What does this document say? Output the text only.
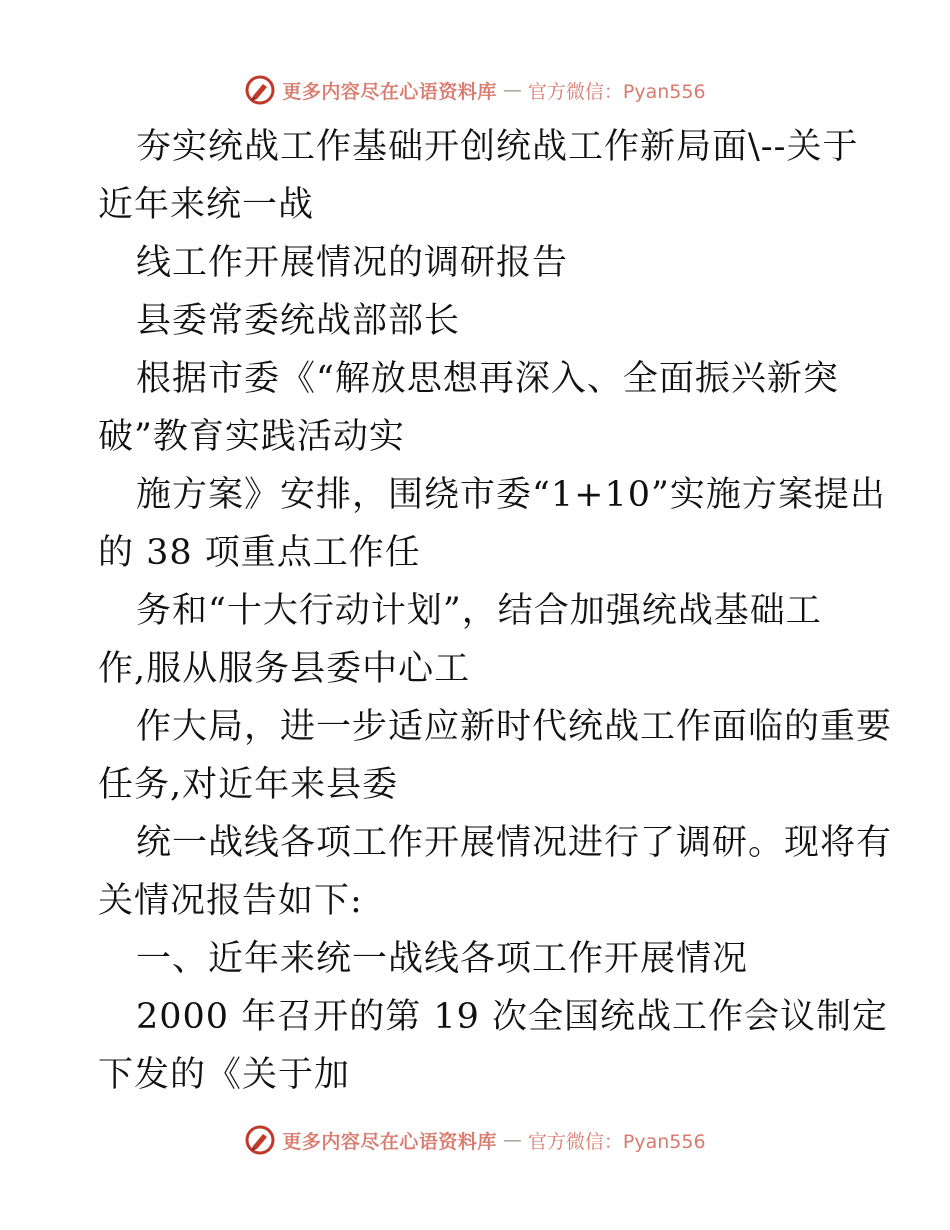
更多内容尽在心语资料库 — 官方微信：Pyan556
夯实统战工作基础开创统战工作新局面\--关于
近年来统一战
线工作开展情况的调研报告
县委常委统战部部长
根据市委《“解放思想再深入、全面振兴新突
破”教育实践活动实
施方案》安排，围绕市委“1+10”实施方案提出
的 38 项重点工作任
务和“十大行动计划”，结合加强统战基础工
作,服从服务县委中心工
作大局，进一步适应新时代统战工作面临的重要
任务,对近年来县委
统一战线各项工作开展情况进行了调研。现将有
关情况报告如下:
一、近年来统一战线各项工作开展情况
2000 年召开的第 19 次全国统战工作会议制定
下发的《关于加
更多内容尽在心语资料库 — 官方微信：Pyan556
